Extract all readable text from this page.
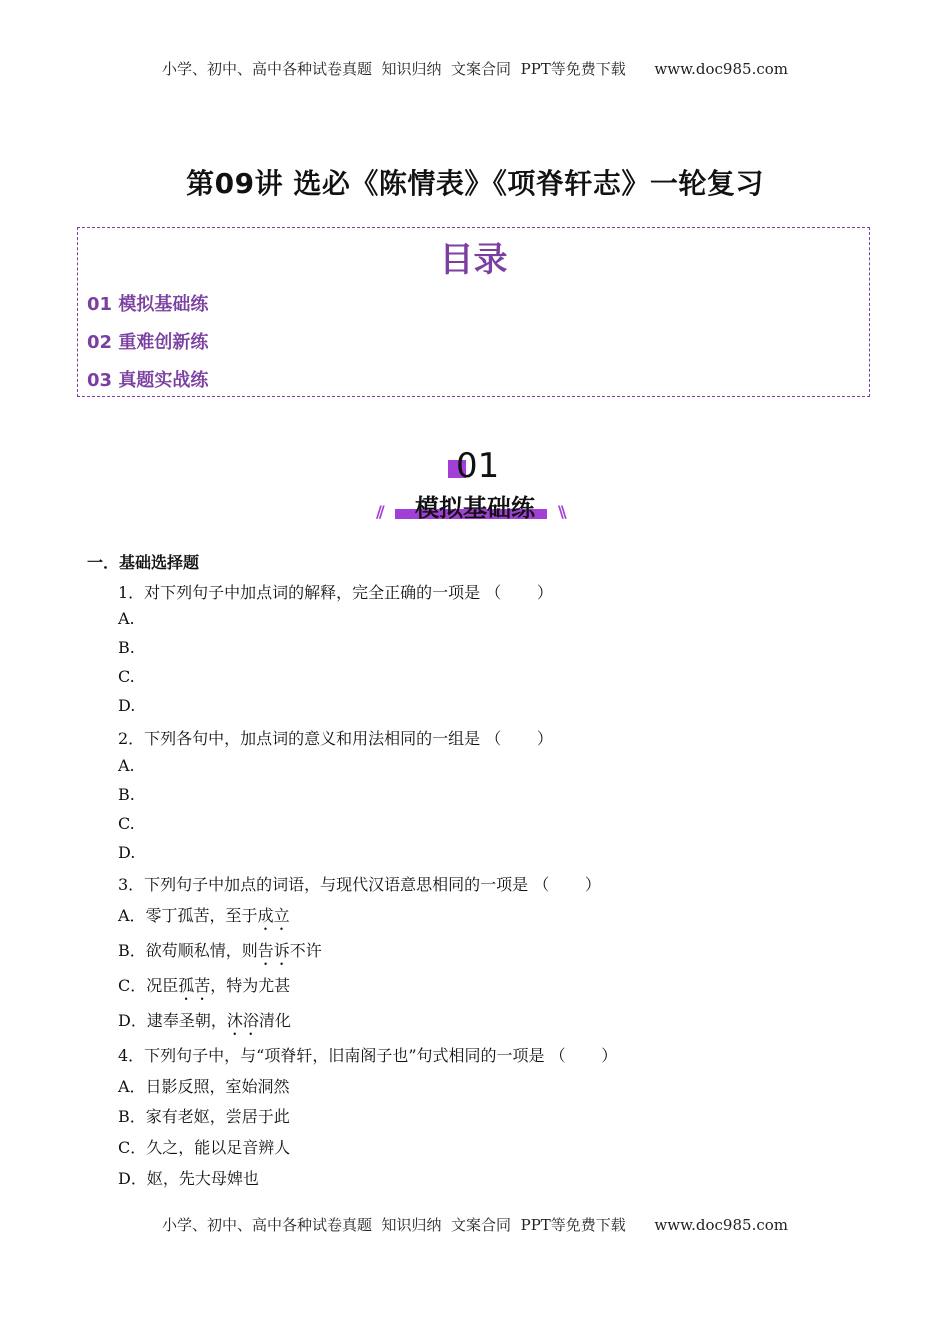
小学、初中、高中各种试卷真题  知识归纳  文案合同  PPT等免费下载      www.doc985.com
第09讲 选必《陈情表》《项脊轩志》一轮复习
目录
01 模拟基础练
02 重难创新练
03 真题实战练
01
模拟基础练
//	\\
一．基础选择题
1．对下列句子中加点词的解释，完全正确的一项是 （       ）
A.
B.
C.
D.
2．下列各句中，加点词的意义和用法相同的一组是 （       ）
A.
B.
C.
D.
3．下列句子中加点的词语，与现代汉语意思相同的一项是 （       ）
A．零丁孤苦，至于成立
B．欲苟顺私情，则告诉不许
C．况臣孤苦，特为尤甚
D．逮奉圣朝，沐浴清化
4．下列句子中，与“项脊轩，旧南阁子也”句式相同的一项是 （       ）
A．日影反照，室始洞然
B．家有老妪，尝居于此
C．久之，能以足音辨人
D．妪，先大母婢也
小学、初中、高中各种试卷真题  知识归纳  文案合同  PPT等免费下载      www.doc985.com
